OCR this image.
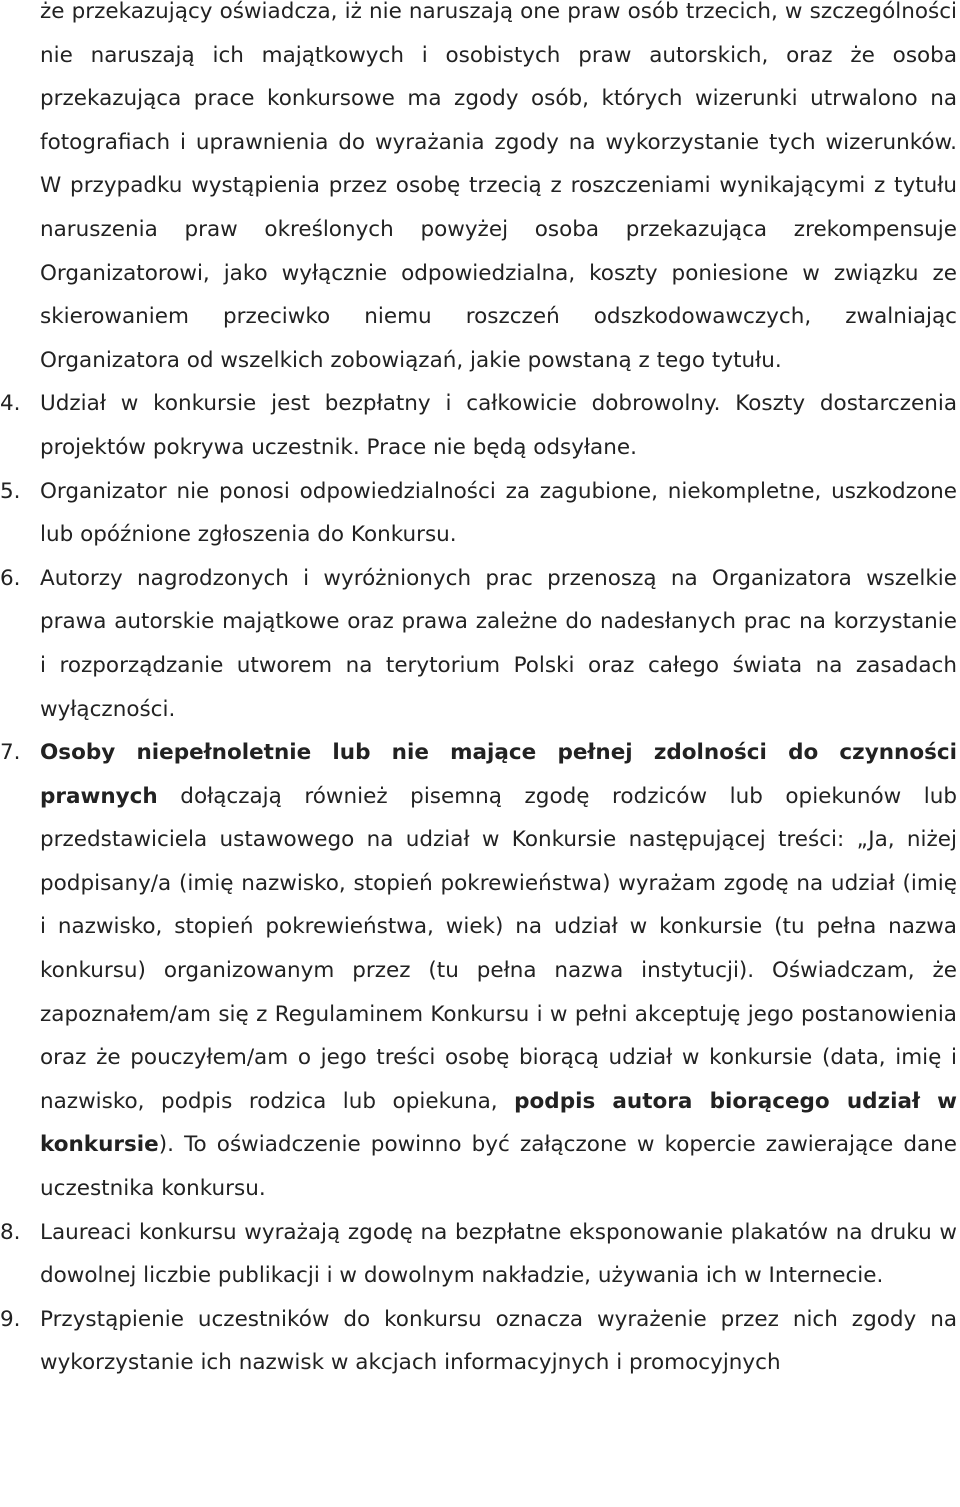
że przekazujący oświadcza, iż nie naruszają one praw osób trzecich, w szczególności nie naruszają ich majątkowych i osobistych praw autorskich, oraz że osoba przekazująca prace konkursowe ma zgody osób, których wizerunki utrwalono na fotografiach i uprawnienia do wyrażania zgody na wykorzystanie tych wizerunków. W przypadku wystąpienia przez osobę trzecią z roszczeniami wynikającymi z tytułu naruszenia praw określonych powyżej osoba przekazująca zrekompensuje Organizatorowi, jako wyłącznie odpowiedzialna, koszty poniesione w związku ze skierowaniem przeciwko niemu roszczeń odszkodowawczych, zwalniając Organizatora od wszelkich zobowiązań, jakie powstaną z tego tytułu.
4. Udział w konkursie jest bezpłatny i całkowicie dobrowolny. Koszty dostarczenia projektów pokrywa uczestnik. Prace nie będą odsyłane.
5. Organizator nie ponosi odpowiedzialności za zagubione, niekompletne, uszkodzone lub opóźnione zgłoszenia do Konkursu.
6. Autorzy nagrodzonych i wyróżnionych prac przenoszą na Organizatora wszelkie prawa autorskie majątkowe oraz prawa zależne do nadesłanych prac na korzystanie i rozporządzanie utworem na terytorium Polski oraz całego świata na zasadach wyłączności.
7. Osoby niepełnoletnie lub nie mające pełnej zdolności do czynności prawnych dołączają również pisemną zgodę rodziców lub opiekunów lub przedstawiciela ustawowego na udział w Konkursie następującej treści: „Ja, niżej podpisany/a (imię nazwisko, stopień pokrewieństwa) wyrażam zgodę na udział (imię i nazwisko, stopień pokrewieństwa, wiek) na udział w konkursie (tu pełna nazwa konkursu) organizowanym przez (tu pełna nazwa instytucji). Oświadczam, że zapoznałem/am się z Regulaminem Konkursu i w pełni akceptuję jego postanowienia oraz że pouczyłem/am o jego treści osobę biorącą udział w konkursie (data, imię i nazwisko, podpis rodzica lub opiekuna, podpis autora biorącego udział w konkursie). To oświadczenie powinno być załączone w kopercie zawierające dane uczestnika konkursu.
8. Laureaci konkursu wyrażają zgodę na bezpłatne eksponowanie plakatów na druku w dowolnej liczbie publikacji i w dowolnym nakładzie, używania ich w Internecie.
9. Przystąpienie uczestników do konkursu oznacza wyrażenie przez nich zgody na wykorzystanie ich nazwisk w akcjach informacyjnych i promocyjnych
